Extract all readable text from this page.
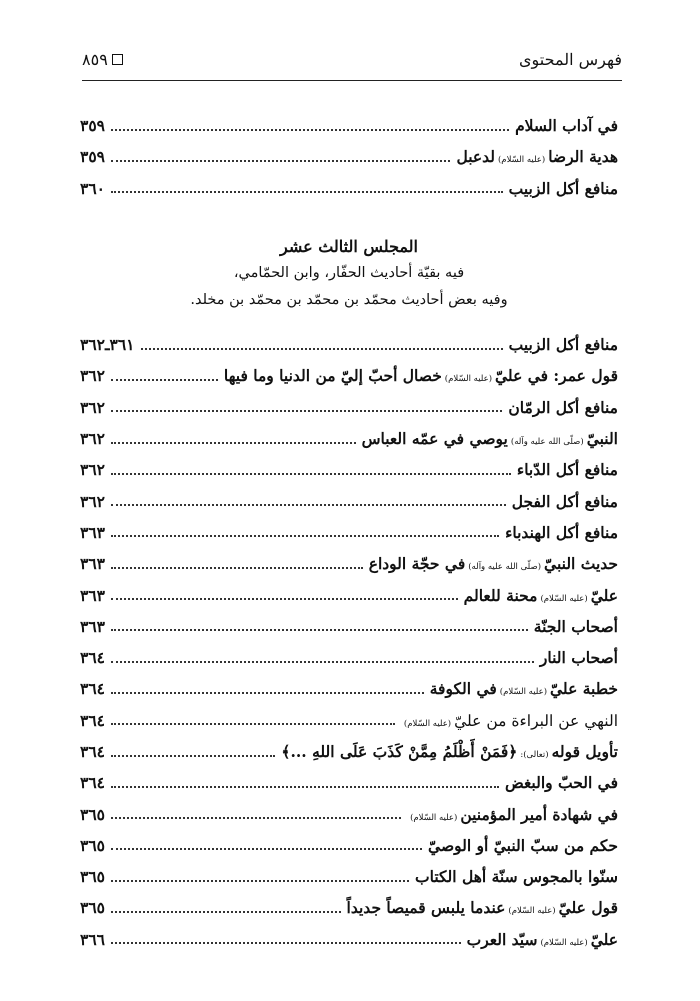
فهرس المحتوى
٨٥٩
في آداب السلام
٣٥٩
هدية الرضا(عليه السّلام)لدعبل
٣٥٩
منافع أكل الزبيب
٣٦٠
المجلس الثالث عشر
فيه بقيّة أحاديث الحفّار، وابن الحمّامي،
وفيه بعض أحاديث محمّد بن محمّد بن محمّد بن مخلد.
منافع أكل الزبيب
٣٦١ـ٣٦٢
قول عمر: في عليّ(عليه السّلام)خصال أحبّ إليّ من الدنيا وما فيها
٣٦٢
منافع أكل الرمّان
٣٦٢
النبيّ(صلّى الله عليه وآله)يوصي في عمّه العباس
٣٦٢
منافع أكل الدّباء
٣٦٢
منافع أكل الفجل
٣٦٢
منافع أكل الهندباء
٣٦٣
حديث النبيّ(صلّى الله عليه وآله)في حجّة الوداع
٣٦٣
عليّ(عليه السّلام)محنة للعالم
٣٦٣
أصحاب الجنّة
٣٦٣
أصحاب النار
٣٦٤
خطبة عليّ(عليه السّلام)في الكوفة
٣٦٤
النهي عن البراءة من عليّ(عليه السّلام)
٣٦٤
تأويل قوله(تعالى):﴿فَمَنْ أَظْلَمُ مِمَّنْ كَذَبَ عَلَى اللهِ ...﴾
٣٦٤
في الحبّ والبغض
٣٦٤
في شهادة أمير المؤمنين(عليه السّلام)
٣٦٥
حكم من سبّ النبيّ أو الوصيّ
٣٦٥
سنّوا بالمجوس سنّة أهل الكتاب
٣٦٥
قول عليّ(عليه السّلام)عندما يلبس قميصاً جديداً
٣٦٥
عليّ(عليه السّلام)سيّد العرب
٣٦٦
